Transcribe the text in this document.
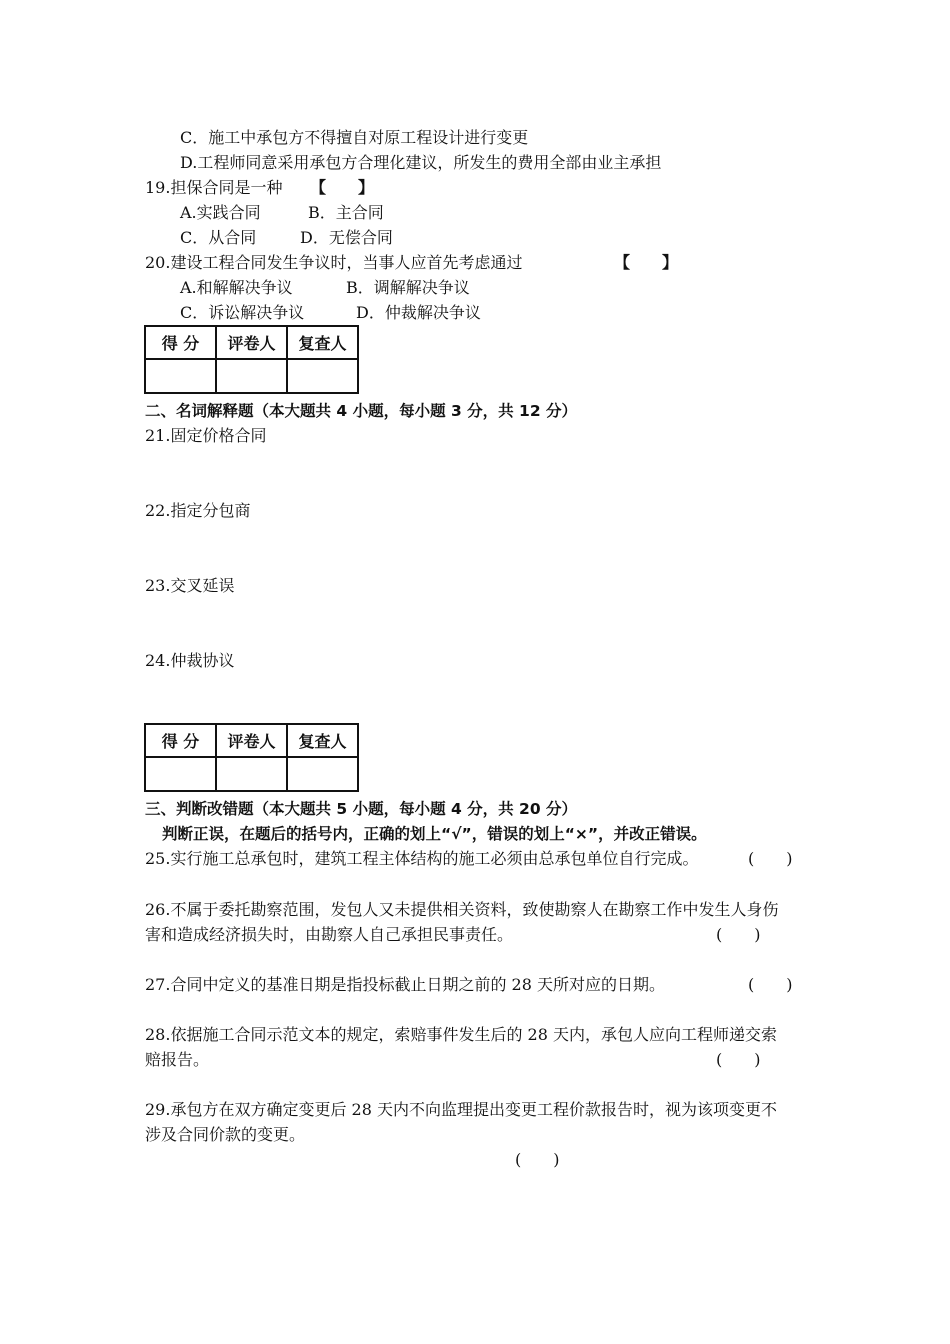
C．施工中承包方不得擅自对原工程设计进行变更
D.工程师同意采用承包方合理化建议，所发生的费用全部由业主承担
19.担保合同是一种 【　　】
A.实践合同	B．主合同
C．从合同	D．无偿合同
20.建设工程合同发生争议时，当事人应首先考虑通过	【　　】
A.和解解决争议	B．调解解决争议
C．诉讼解决争议	D．仲裁解决争议
得 分	评卷人	复查人

二、名词解释题（本大题共 4 小题，每小题 3 分，共 12 分）
21.固定价格合同
22.指定分包商
23.交叉延误
24.仲裁协议
得 分	评卷人	复查人

三、判断改错题（本大题共 5 小题，每小题 4 分，共 20 分）
判断正误，在题后的括号内，正确的划上“√”，错误的划上“×”，并改正错误。
25.实行施工总承包时，建筑工程主体结构的施工必须由总承包单位自行完成。	(　　)
26.不属于委托勘察范围，发包人又未提供相关资料，致使勘察人在勘察工作中发生人身伤
害和造成经济损失时，由勘察人自己承担民事责任。	(　　)
27.合同中定义的基准日期是指投标截止日期之前的 28 天所对应的日期。	(　　)
28.依据施工合同示范文本的规定，索赔事件发生后的 28 天内，承包人应向工程师递交索
赔报告。	(　　)
29.承包方在双方确定变更后 28 天内不向监理提出变更工程价款报告时，视为该项变更不
涉及合同价款的变更。
(　　)
